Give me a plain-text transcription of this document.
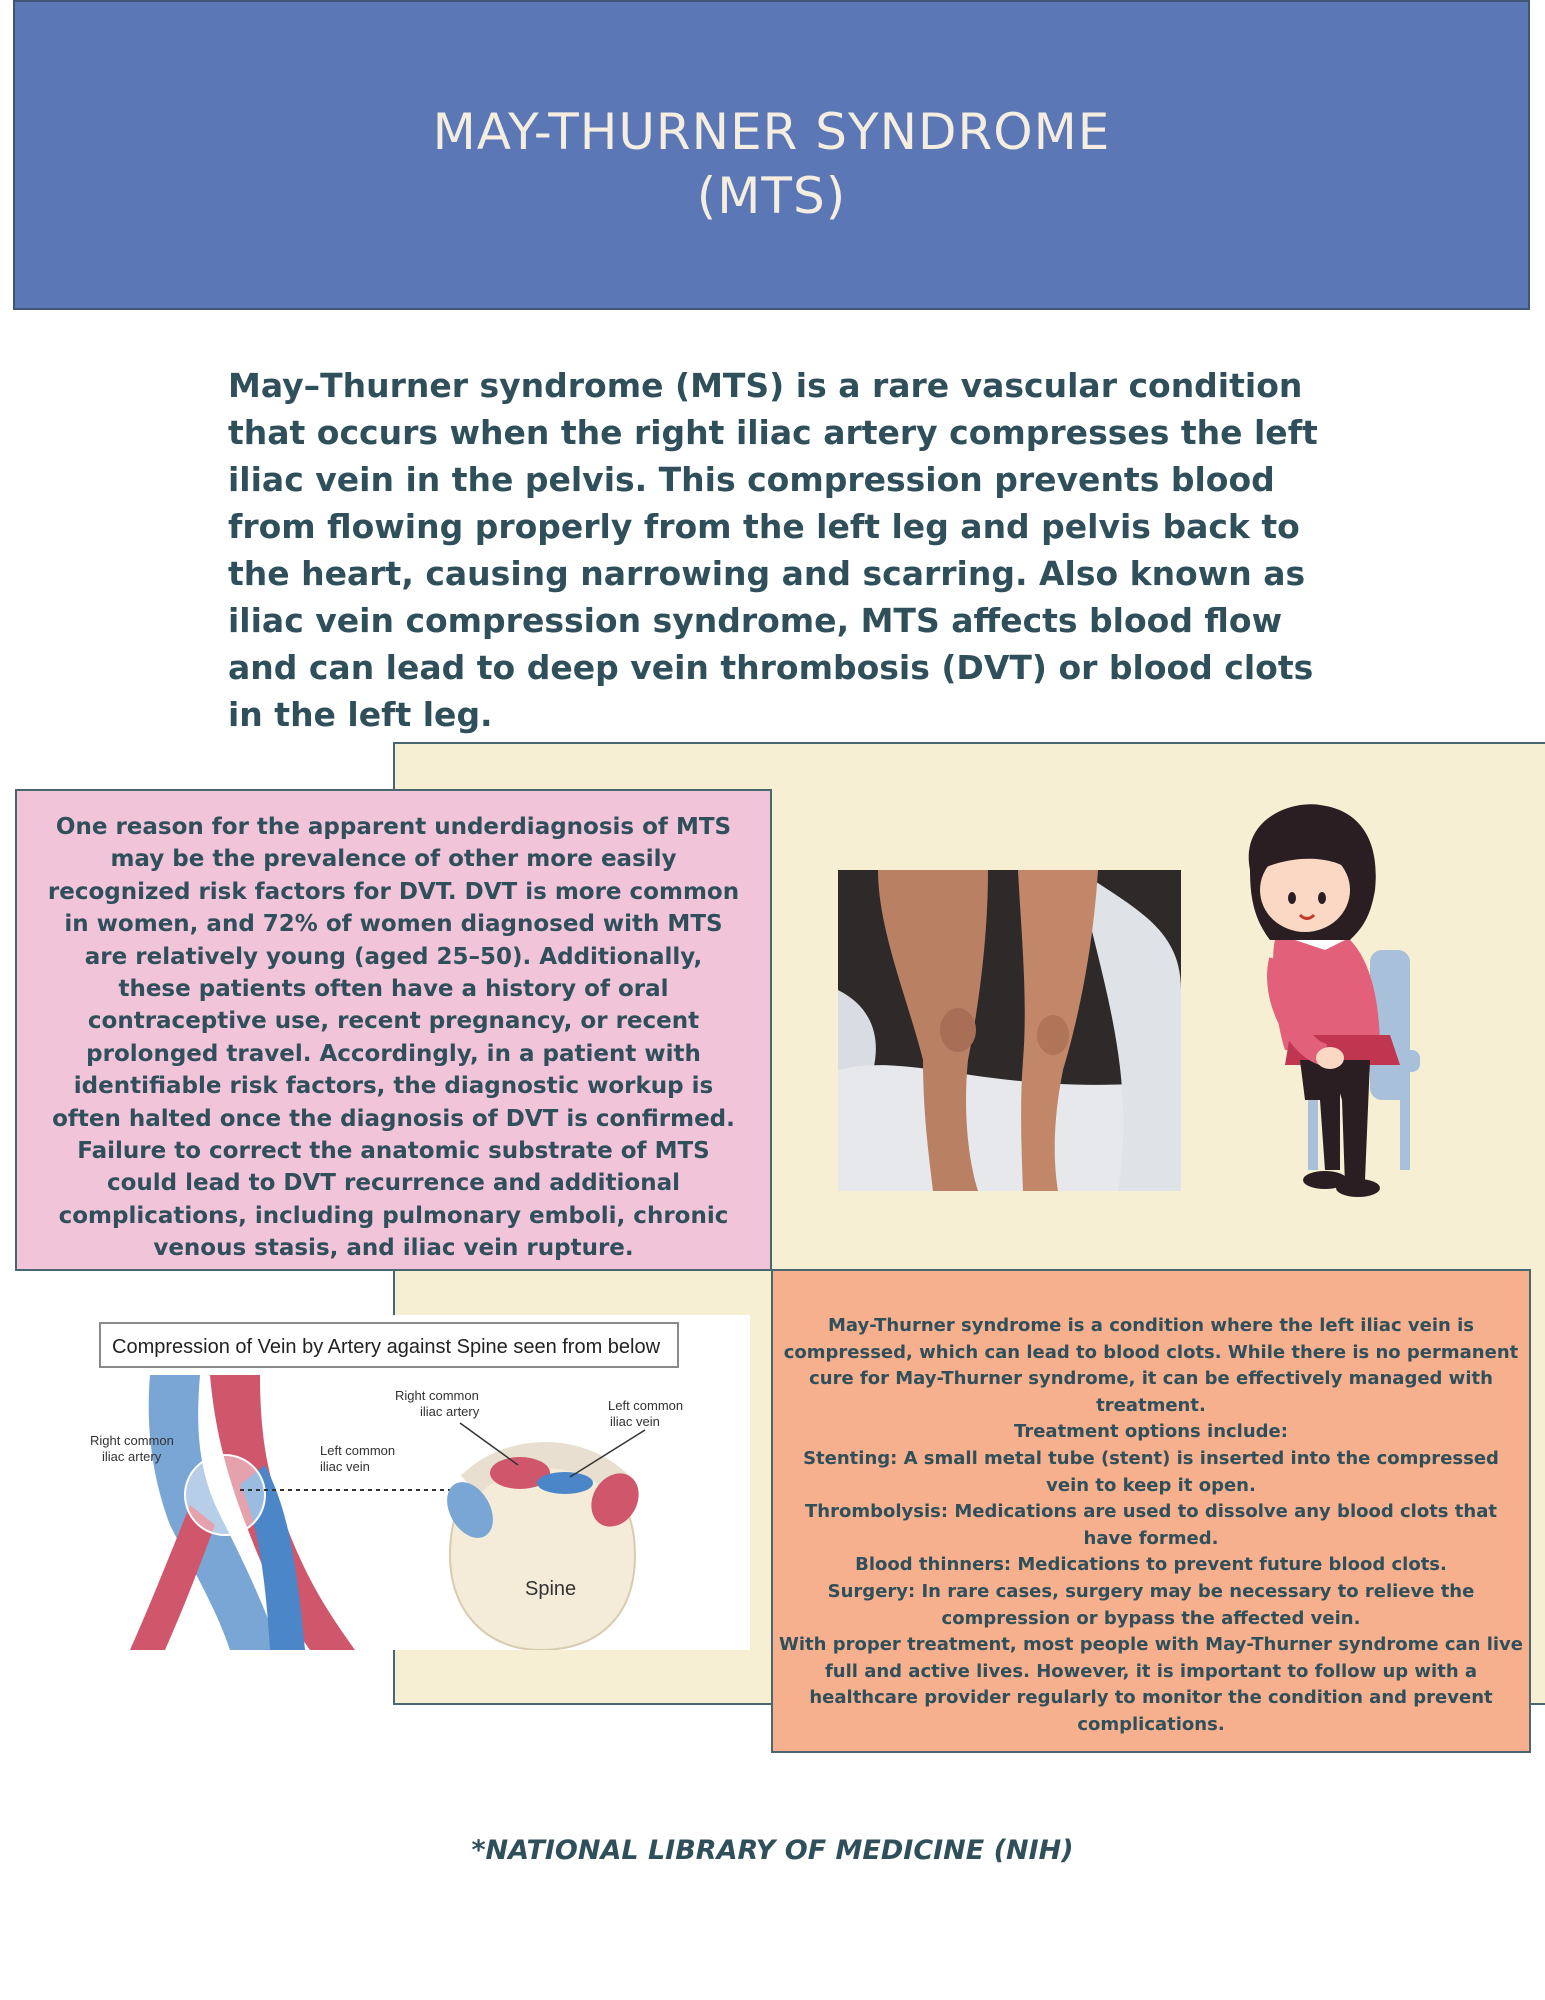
MAY-THURNER SYNDROME
(MTS)
May–Thurner syndrome (MTS) is a rare vascular condition that occurs when the right iliac artery compresses the left iliac vein in the pelvis. This compression prevents blood from flowing properly from the left leg and pelvis back to the heart, causing narrowing and scarring. Also known as iliac vein compression syndrome, MTS affects blood flow and can lead to deep vein thrombosis (DVT) or blood clots in the left leg.
One reason for the apparent underdiagnosis of MTS may be the prevalence of other more easily recognized risk factors for DVT. DVT is more common in women, and 72% of women diagnosed with MTS are relatively young (aged 25–50). Additionally, these patients often have a history of oral contraceptive use, recent pregnancy, or recent prolonged travel. Accordingly, in a patient with identifiable risk factors, the diagnostic workup is often halted once the diagnosis of DVT is confirmed. Failure to correct the anatomic substrate of MTS could lead to DVT recurrence and additional complications, including pulmonary emboli, chronic venous stasis, and iliac vein rupture.
Compression of Vein by Artery against Spine seen from below
Right common
iliac artery	Left common
iliac vein
Spine
Right common
iliac artery	Left common
iliac vein
May-Thurner syndrome is a condition where the left iliac vein is compressed, which can lead to blood clots. While there is no permanent cure for May-Thurner syndrome, it can be effectively managed with treatment.
Treatment options include:
Stenting: A small metal tube (stent) is inserted into the compressed vein to keep it open.
Thrombolysis: Medications are used to dissolve any blood clots that have formed.
Blood thinners: Medications to prevent future blood clots.
Surgery: In rare cases, surgery may be necessary to relieve the compression or bypass the affected vein.
With proper treatment, most people with May-Thurner syndrome can live full and active lives. However, it is important to follow up with a healthcare provider regularly to monitor the condition and prevent complications.
*NATIONAL LIBRARY OF MEDICINE (NIH)
